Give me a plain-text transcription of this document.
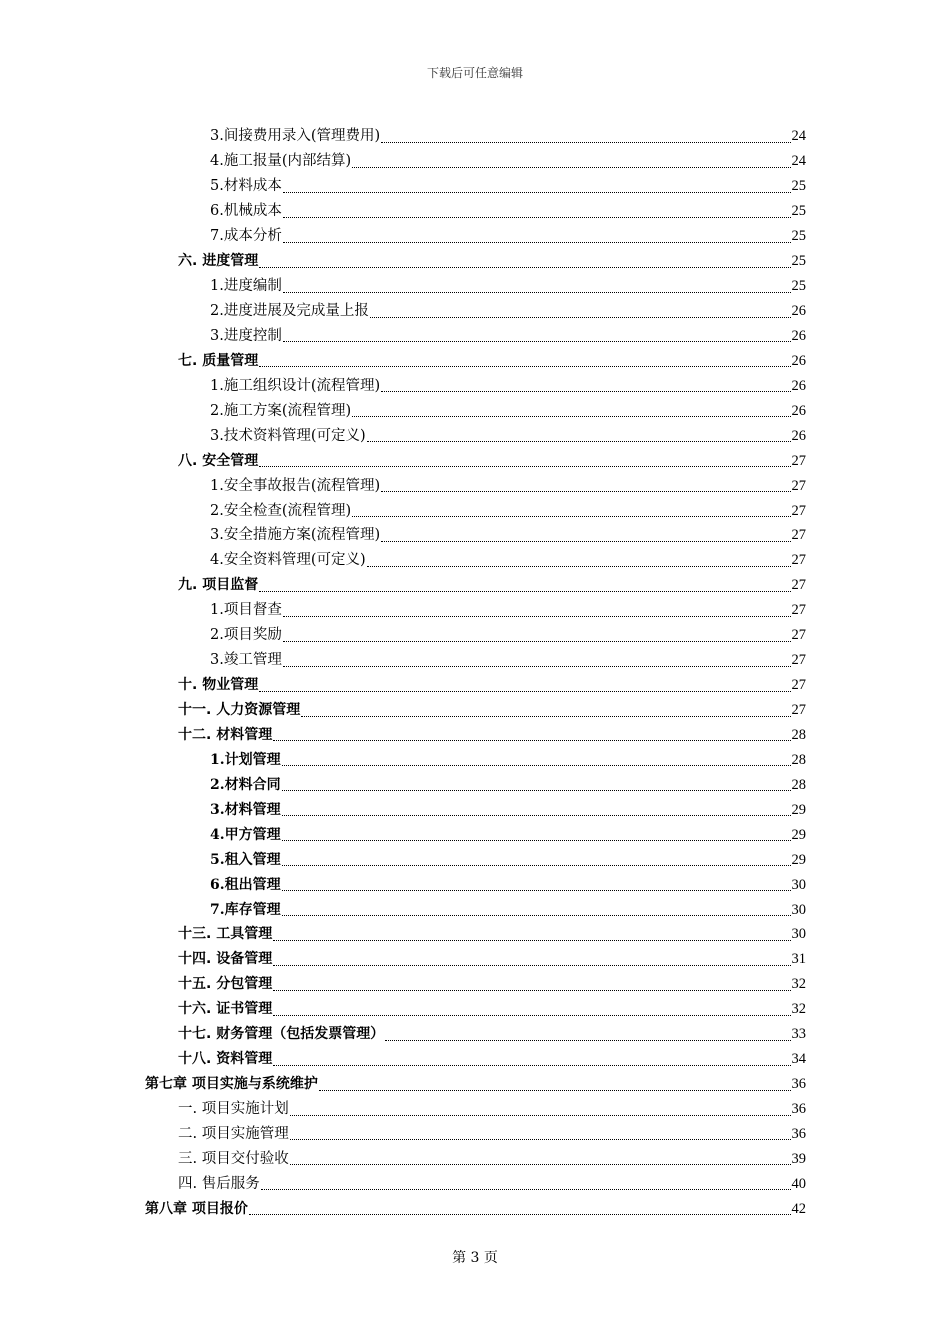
下载后可任意编辑
3.间接费用录入(管理费用)	24
4.施工报量(内部结算)	24
5.材料成本	25
6.机械成本	25
7.成本分析	25
六. 进度管理	25
1.进度编制	25
2.进度进展及完成量上报	26
3.进度控制	26
七. 质量管理	26
1.施工组织设计(流程管理)	26
2.施工方案(流程管理)	26
3.技术资料管理(可定义)	26
八. 安全管理	27
1.安全事故报告(流程管理)	27
2.安全检查(流程管理)	27
3.安全措施方案(流程管理)	27
4.安全资料管理(可定义)	27
九. 项目监督	27
1.项目督查	27
2.项目奖励	27
3.竣工管理	27
十. 物业管理	27
十一. 人力资源管理	27
十二. 材料管理	28
1.计划管理	28
2.材料合同	28
3.材料管理	29
4.甲方管理	29
5.租入管理	29
6.租出管理	30
7.库存管理	30
十三. 工具管理	30
十四. 设备管理	31
十五. 分包管理	32
十六. 证书管理	32
十七. 财务管理（包括发票管理）	33
十八. 资料管理	34
第七章 项目实施与系统维护	36
一. 项目实施计划	36
二. 项目实施管理	36
三. 项目交付验收	39
四. 售后服务	40
第八章 项目报价	42
第 3 页
